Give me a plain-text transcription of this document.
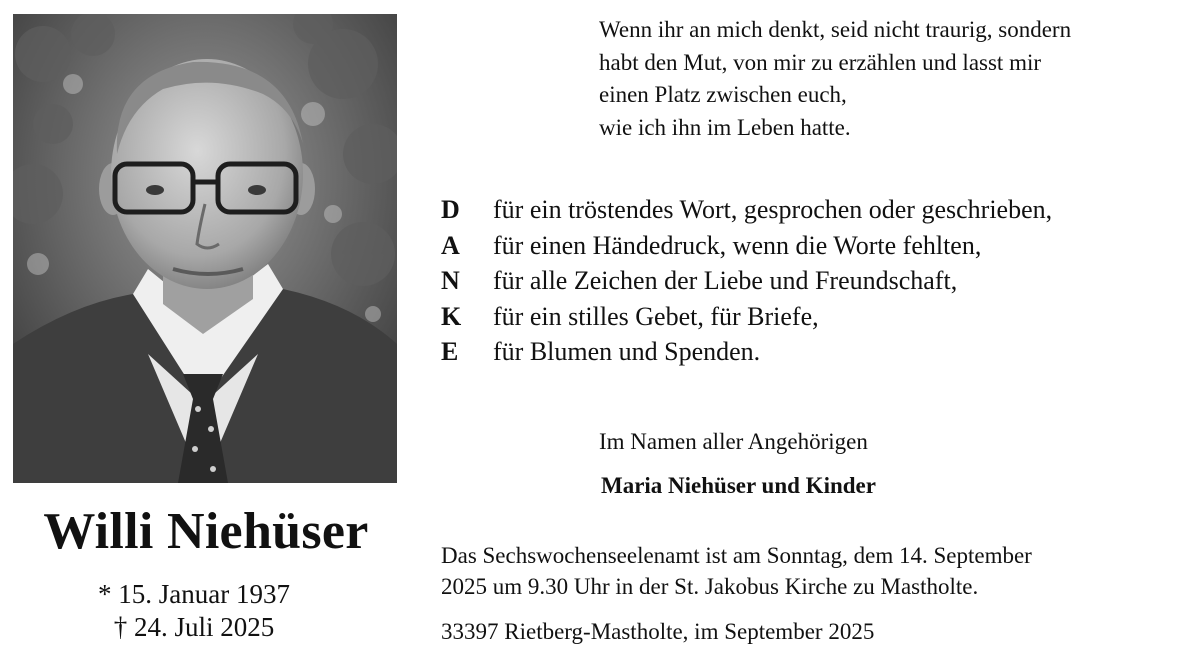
Willi Niehüser
* 15. Januar 1937
† 24. Juli 2025
Wenn ihr an mich denkt, seid nicht traurig, sondern
habt den Mut, von mir zu erzählen und lasst mir
einen Platz zwischen euch,
wie ich ihn im Leben hatte.
D	für ein tröstendes Wort, gesprochen oder geschrieben,
A	für einen Händedruck, wenn die Worte fehlten,
N	für alle Zeichen der Liebe und Freundschaft,
K	für ein stilles Gebet, für Briefe,
E	für Blumen und Spenden.
Im Namen aller Angehörigen
Maria Niehüser und Kinder
Das Sechswochenseelenamt ist am Sonntag, dem 14. September
2025 um 9.30 Uhr in der St. Jakobus Kirche zu Mastholte.
33397 Rietberg-Mastholte, im September 2025
